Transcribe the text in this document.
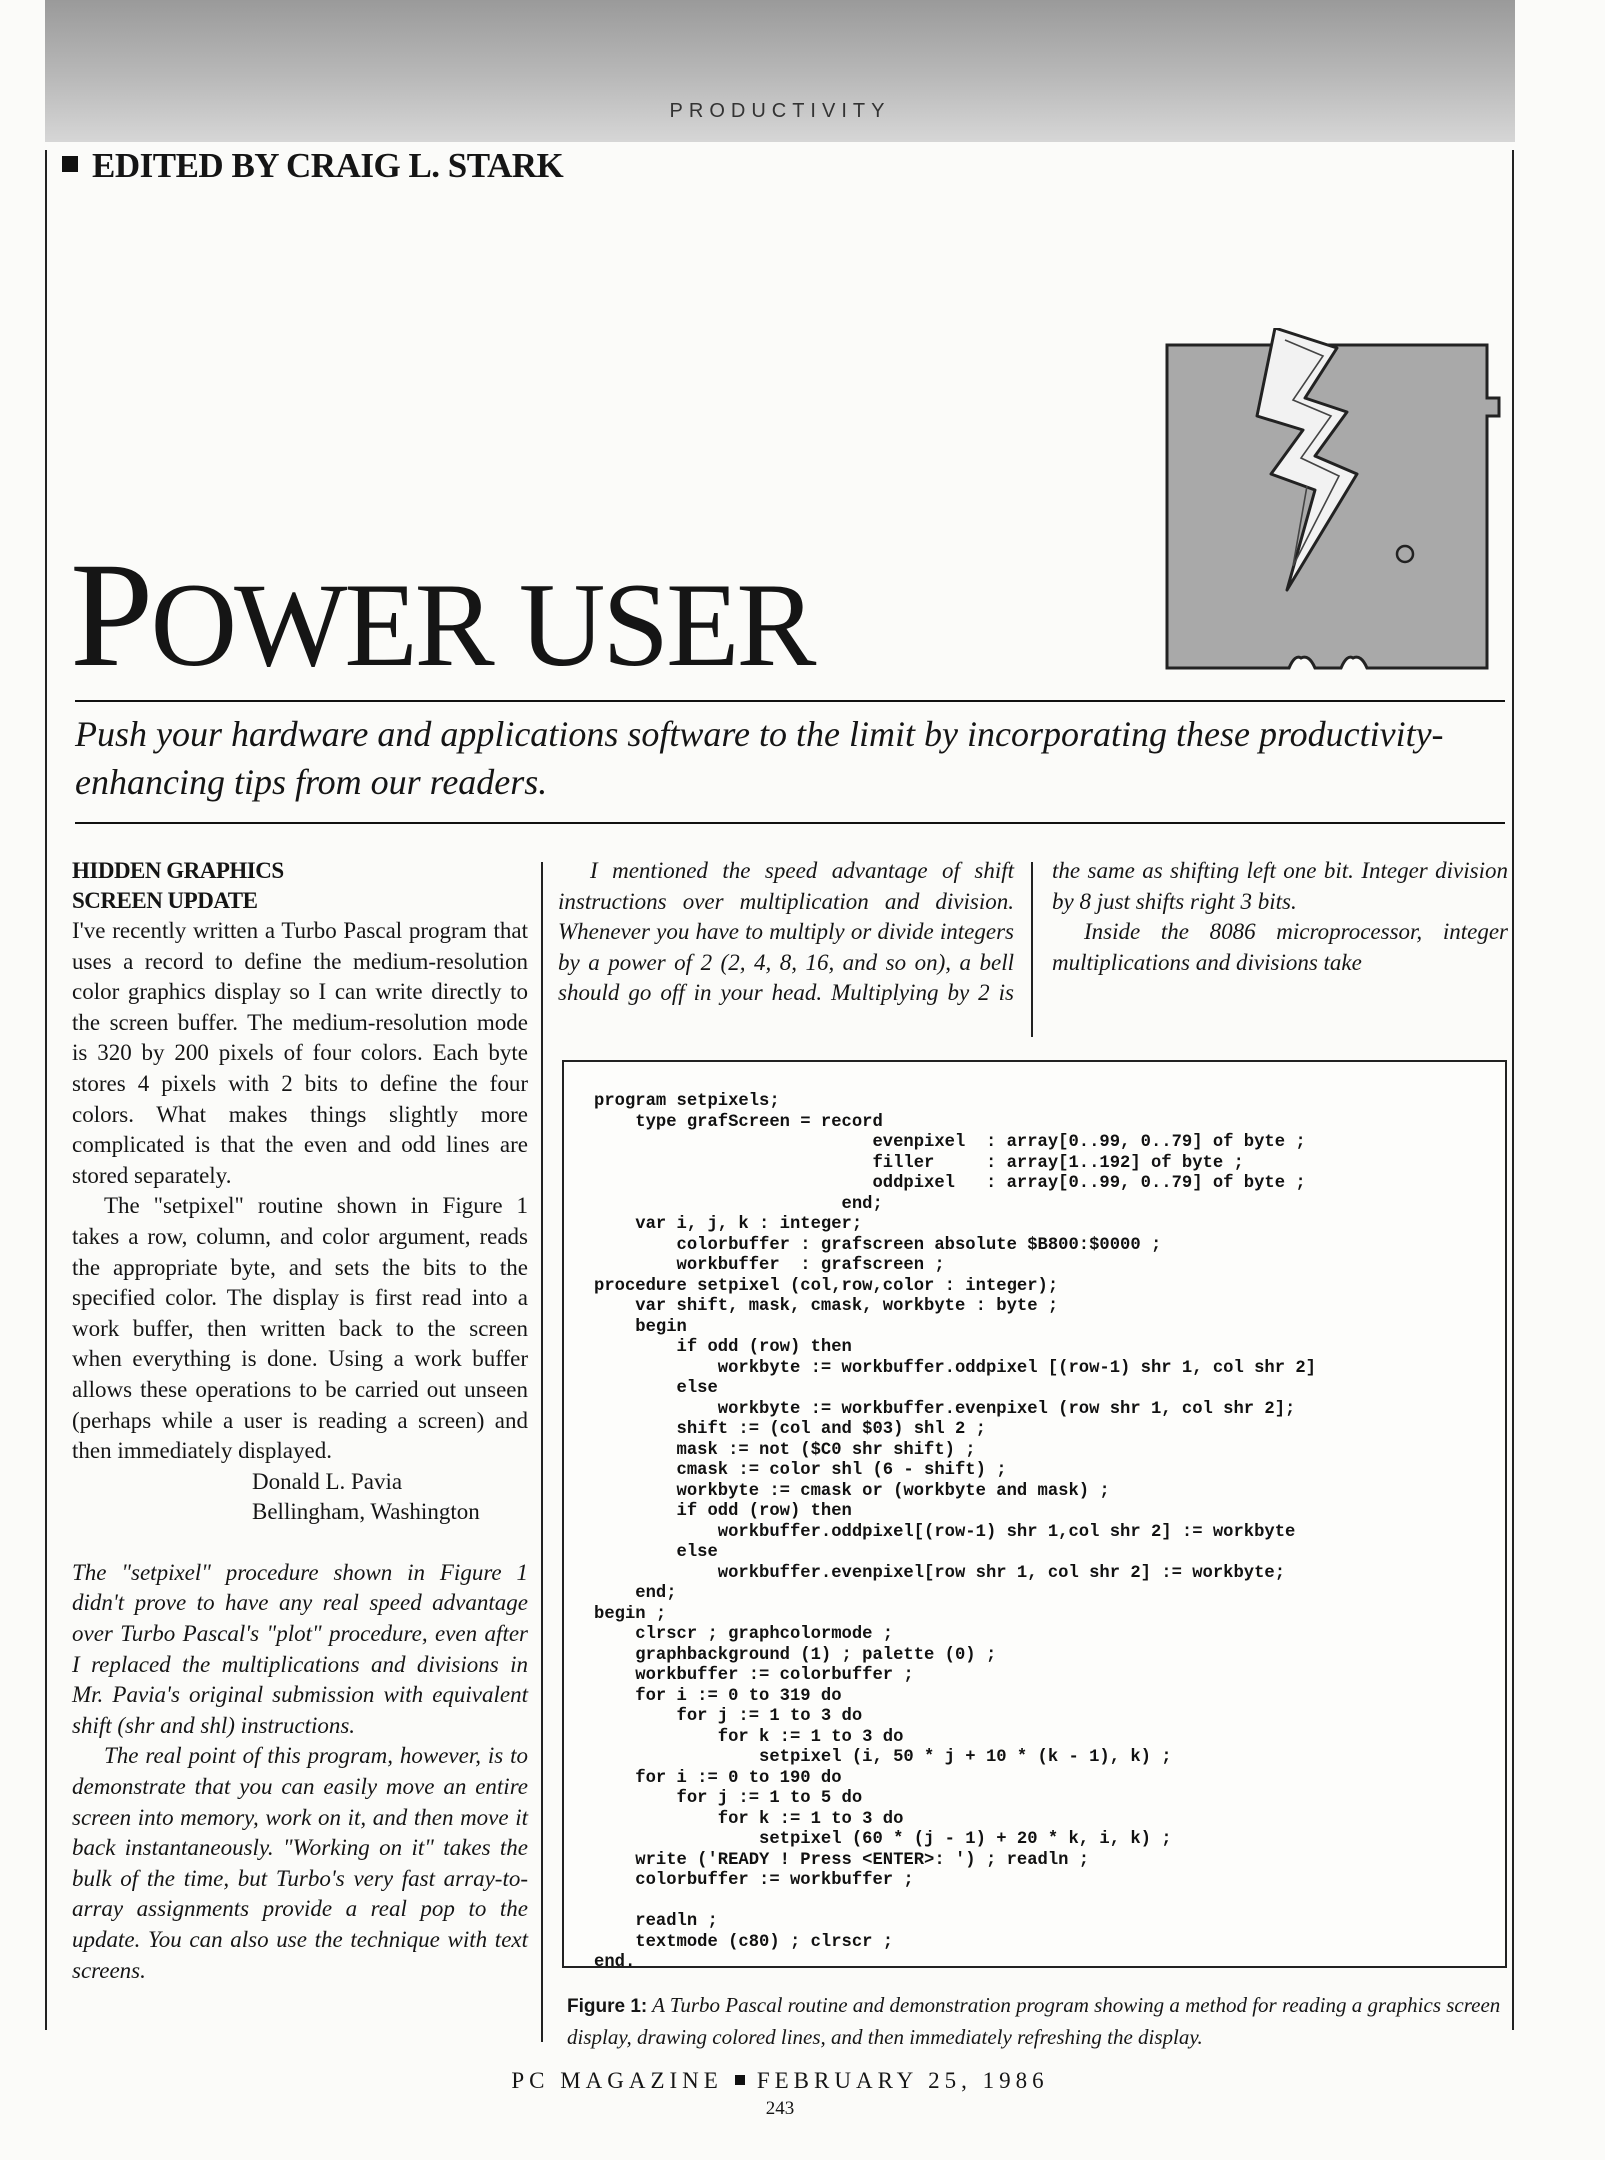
PRODUCTIVITY
EDITED BY CRAIG L. STARK
POWER USER
Push your hardware and applications software to the limit by incorporating these productivity-enhancing tips from our readers.
HIDDEN GRAPHICS
SCREEN UPDATE

I've recently written a Turbo Pascal program that uses a record to define the medium-resolution color graphics display so I can write directly to the screen buffer. The medium-resolution mode is 320 by 200 pixels of four colors. Each byte stores 4 pixels with 2 bits to define the four colors. What makes things slightly more complicated is that the even and odd lines are stored separately.

The "setpixel" routine shown in Figure 1 takes a row, column, and color argument, reads the appropriate byte, and sets the bits to the specified color. The display is first read into a work buffer, then written back to the screen when everything is done. Using a work buffer allows these operations to be carried out unseen (perhaps while a user is reading a screen) and then immediately displayed.

Donald L. Pavia
Bellingham, Washington

The "setpixel" procedure shown in Figure 1 didn't prove to have any real speed advantage over Turbo Pascal's "plot" procedure, even after I replaced the multiplications and divisions in Mr. Pavia's original submission with equivalent shift (shr and shl) instructions.

The real point of this program, however, is to demonstrate that you can easily move an entire screen into memory, work on it, and then move it back instantaneously. "Working on it" takes the bulk of the time, but Turbo's very fast array-to-array assignments provide a real pop to the update. You can also use the technique with text screens.

I mentioned the speed advantage of shift instructions over multiplication and division. Whenever you have to multiply or divide integers by a power of 2 (2, 4, 8, 16, and so on), a bell should go off in your head. Multiplying by 2 is the same as shifting left one bit. Integer division by 8 just shifts right 3 bits.

Inside the 8086 microprocessor, integer multiplications and divisions take

program setpixels;
type grafScreen = record
evenpixel  : array[0..99, 0..79] of byte ;
filler     : array[1..192] of byte ;
oddpixel   : array[0..99, 0..79] of byte ;
end;
var i, j, k : integer;
colorbuffer : grafscreen absolute $B800:$0000 ;
workbuffer  : grafscreen ;
procedure setpixel (col,row,color : integer);
var shift, mask, cmask, workbyte : byte ;
begin
if odd (row) then
workbyte := workbuffer.oddpixel [(row-1) shr 1, col shr 2]
else
workbyte := workbuffer.evenpixel (row shr 1, col shr 2];
shift := (col and $03) shl 2 ;
mask := not ($C0 shr shift) ;
cmask := color shl (6 - shift) ;
workbyte := cmask or (workbyte and mask) ;
if odd (row) then
workbuffer.oddpixel[(row-1) shr 1,col shr 2] := workbyte
else
workbuffer.evenpixel[row shr 1, col shr 2] := workbyte;
end;
begin ;
clrscr ; graphcolormode ;
graphbackground (1) ; palette (0) ;
workbuffer := colorbuffer ;
for i := 0 to 319 do
for j := 1 to 3 do
for k := 1 to 3 do
setpixel (i, 50 * j + 10 * (k - 1), k) ;
for i := 0 to 190 do
for j := 1 to 5 do
for k := 1 to 3 do
setpixel (60 * (j - 1) + 20 * k, i, k) ;
write ('READY ! Press <ENTER>: ') ; readln ;
colorbuffer := workbuffer ;

readln ;
textmode (c80) ; clrscr ;
end.
Figure 1: A Turbo Pascal routine and demonstration program showing a method for reading a graphics screen display, drawing colored lines, and then immediately refreshing the display.
PC MAGAZINE FEBRUARY 25, 1986
243
